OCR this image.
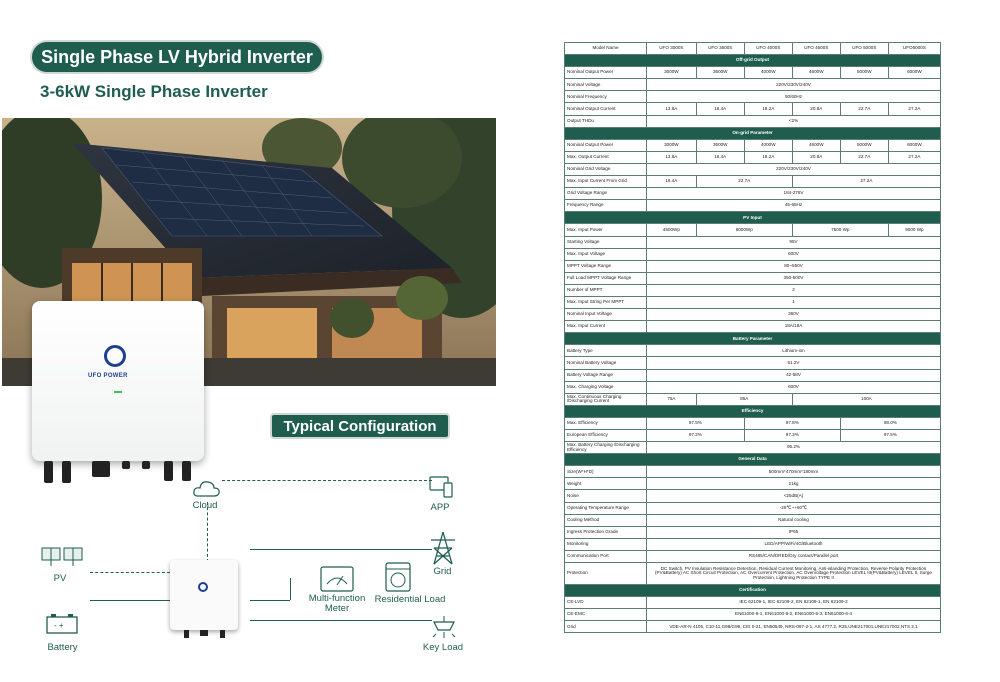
Single Phase LV Hybrid Inverter
3-6kW Single Phase Inverter
UFO POWER
Typical Configuration
Cloud	APP
PV
- +
Battery
Grid
Multi-function
Meter
Residential Load
Key Load
Model Name	UFO 3000S	UFO 3600S	UFO 4000S	UFO 4600S	UFO 5000S	UFO6000S
Off-grid Output						
Nominal Output Power	3000W	3600W	4000W	4600W	5000W	6000W
Nominal Voltage	220V/230V/240V					
Nominal Frequency	50/60Hz					
Nominal Output Current	13.6A	16.4A	18.2A	20.8A	22.7A	27.2A
Output THDu	<2%					
On-grid Parameter						
Nominal Output Power	3000W	3600W	4000W	4600W	5000W	6000W
Max. Output Current	13.6A	16.4A	18.2A	20.8A	22.7A	27.2A
Nominal Grid Voltage	220V/230V/240V					
Max. Input Current From Grid	16.4A	22.7A		27.2A		
Grid Voltage Range	184-276V					
Frequency Range	45-65Hz					
PV Input						
Max. Input Power	4500Wp	6000Wp		7500 Wp		9000 Wp
Starting Voltage	95V					
Max. Input Voltage	600V					
MPPT Voltage Range	80~550V					
Full Load MPPT Voltage Range	350-500V					
Number of MPPT	2					
Max. Input String Per MPPT	1					
Nominal Input Voltage	360V					
Max. Input Current	18A/18A					
Battery Parameter						
Battery Type	Lithium-ion					
Nominal Battery Voltage	51.2V					
Battery Voltage Range	42-58V					
Max. Charging Voltage	600V					
Max. Continuous Charging /Discharging Current	75A	85A		100A		
Efficiency						
Max. Efficiency	97.5%		97.8%		98.0%	
European Efficiency	97.2%		97.3%		97.5%	
Max. Battery Charging /Discharging Efficiency	95.2%					
General Data						
Size(W*H*D)	500mm*470mm*180mm					
Weight	21kg					
Noise	<25dB(A)					
Operating Temperature Range	-25℃~+60℃					
Cooling Method	Natural cooling					
Ingress Protection Grade	IP65					
Monitoring	LED/APP/WiFi/4G/Bluetooth					
Communication Port	RS485/CAN/DRED/Dry contact/Parallel port					
Protection	DC Switch, PV Insulation Resistance Detection, Residual Current Monitoring, Anti-islanding Protection, Reverse Polarity Protection (PV&Battery) AC Short Circuit Protection, AC Overcurrent Protection, AC Overvoltage Protection LEVEL III(PV&Battery) LEVEL II, Surge Protection, Lightning Protection TYPE II					
Certification						
CE-LVD	IEC 62109-1, IEC 62109-2, EN 62109-1, EN 62109-2					
CE-EMC	EN61000-6-1, EN61000-6-2, EN61000-6-3, EN61000-6-4					
Grid	VDE-AR-N 4105, C10-11,G98/G99, CEI 0-21, EN50549, NRS-097-2-1, AS 4777.2, R25,UNE217001,UNE217002,NTS 2.1					
